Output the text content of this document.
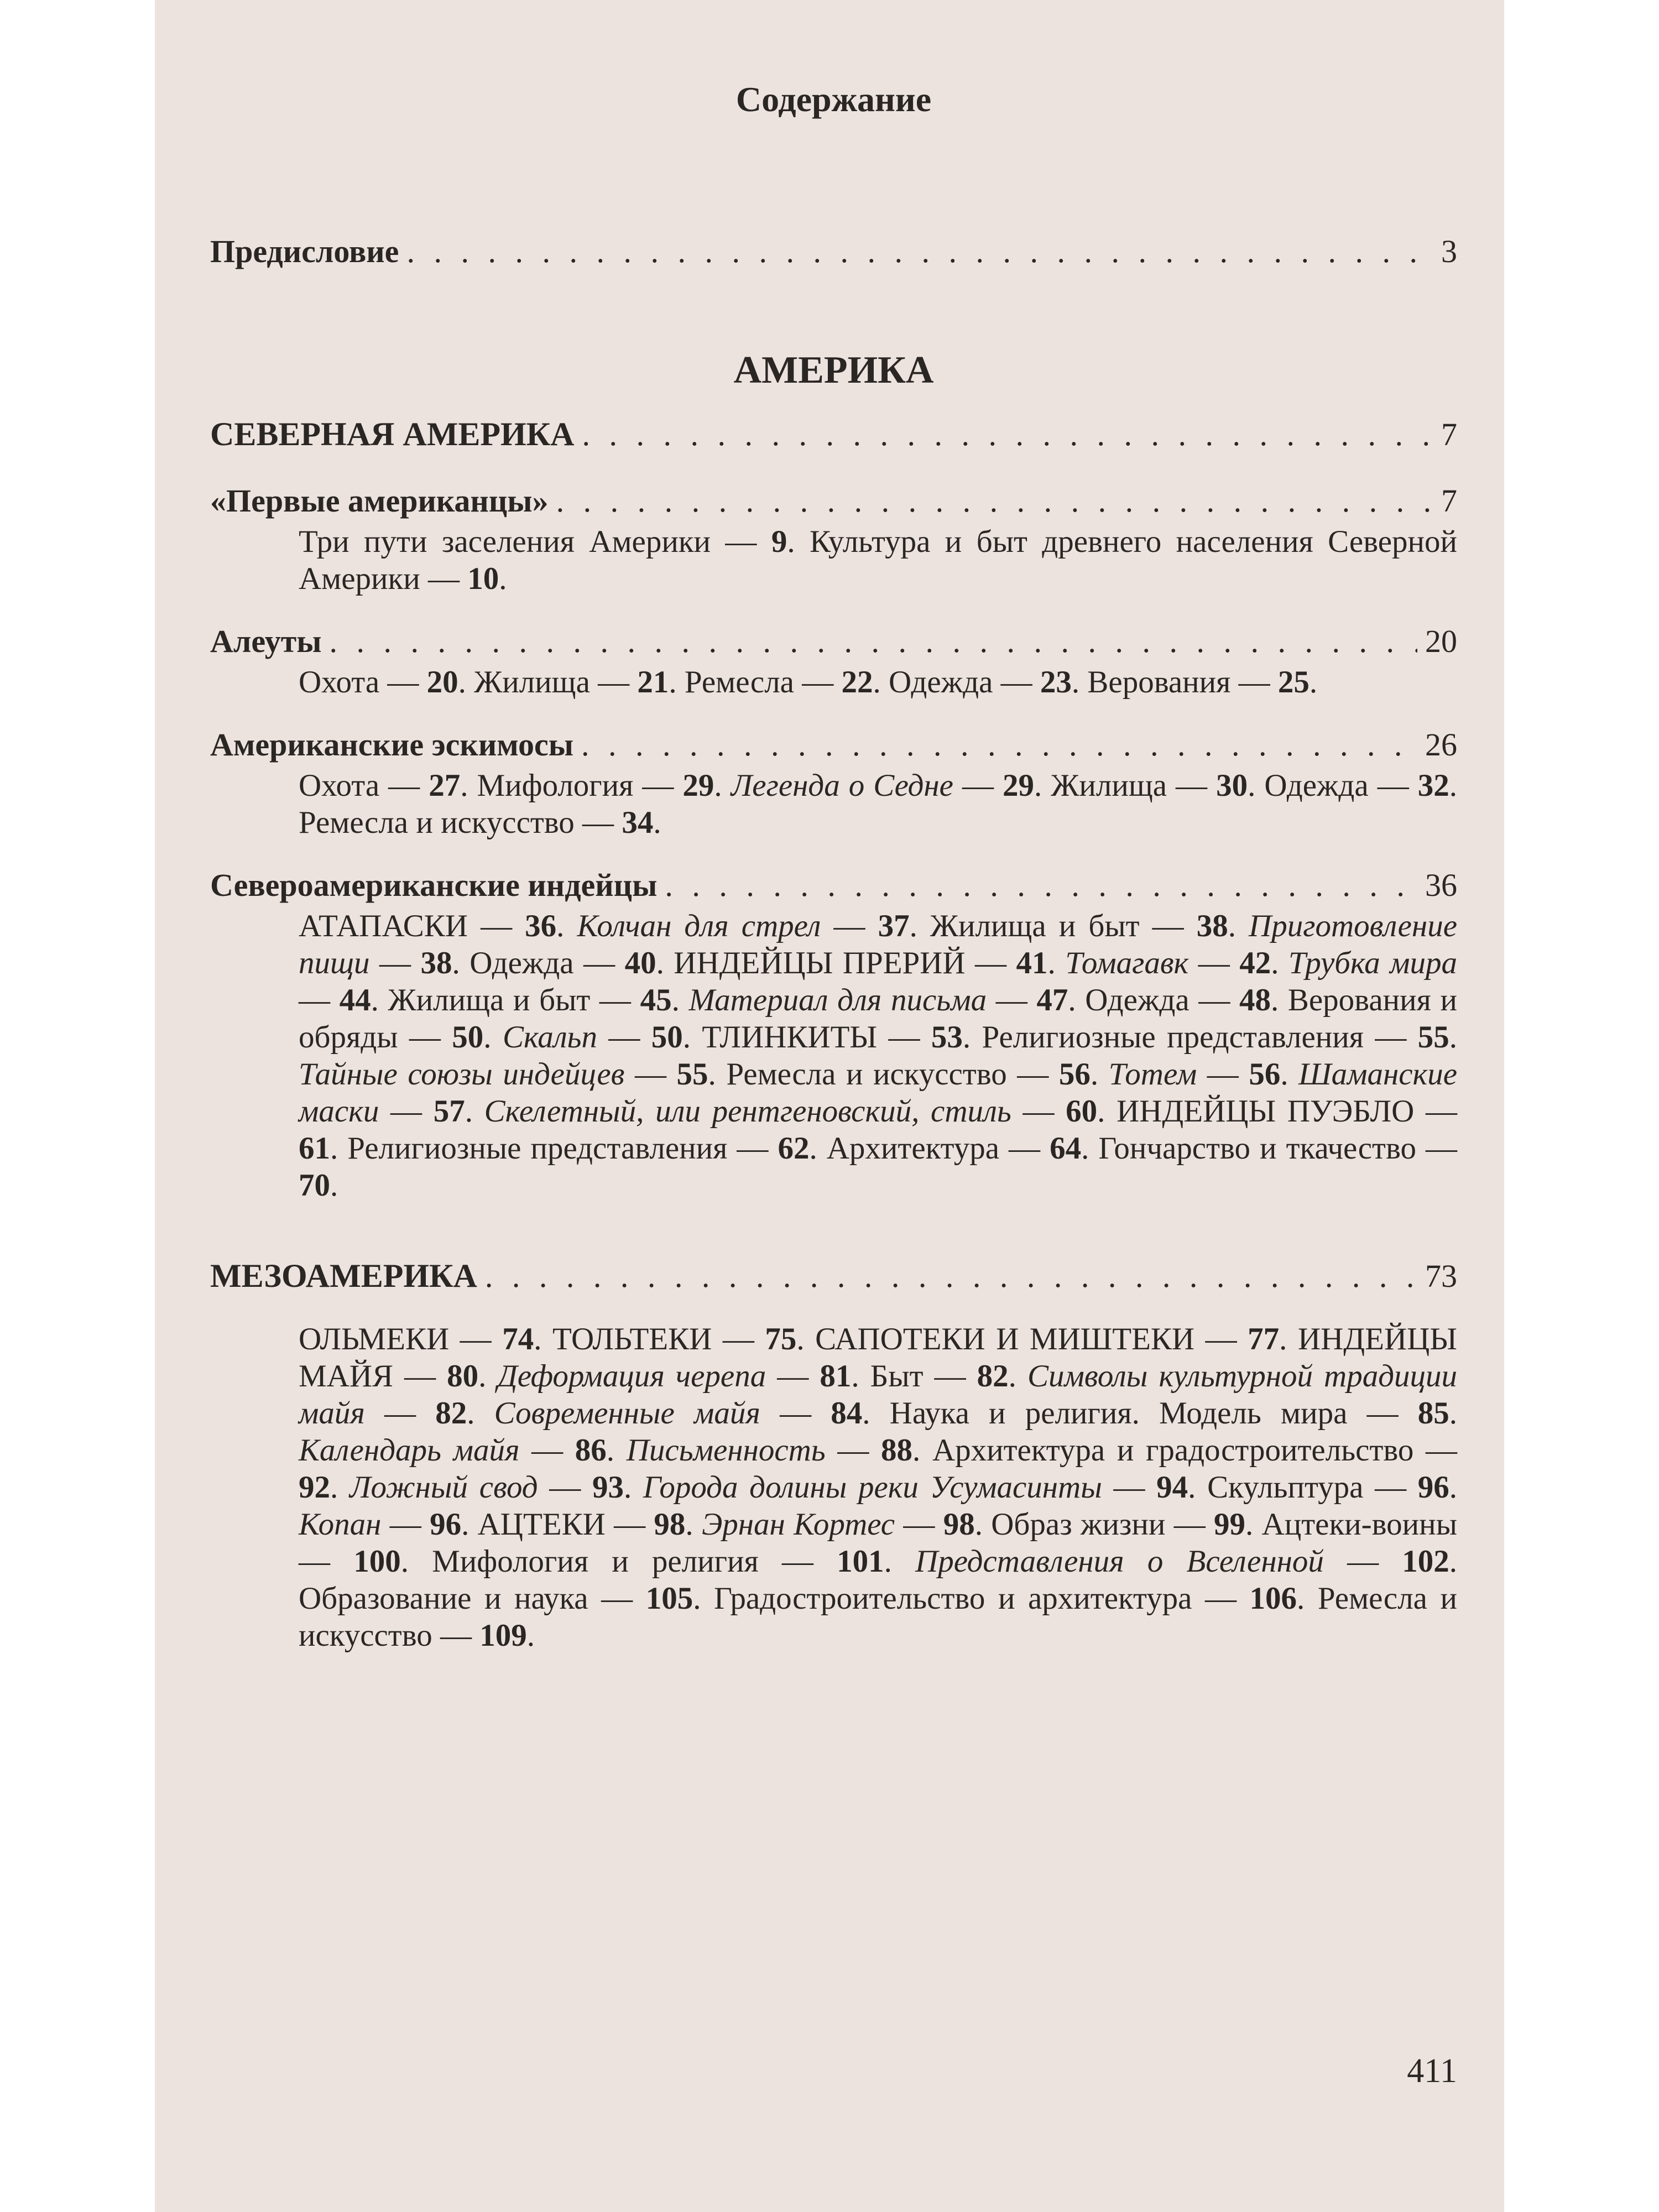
Содержание
Предисловие . . .	3
АМЕРИКА
СЕВЕРНАЯ АМЕРИКА . . .	7
«Первые американцы» . . .	7
Три пути заселения Америки — 9. Культура и быт древнего населения Северной Америки — 10.
Алеуты . . .	20
Охота — 20. Жилища — 21. Ремесла — 22. Одежда — 23. Верования — 25.
Американские эскимосы . . .	26
Охота — 27. Мифология — 29. Легенда о Седне — 29. Жилища — 30. Одежда — 32. Ремесла и искусство — 34.
Североамериканские индейцы . . .	36
АТАПАСКИ — 36. Колчан для стрел — 37. Жилища и быт — 38. Приготовление пищи — 38. Одежда — 40. ИНДЕЙЦЫ ПРЕРИЙ — 41. Томагавк — 42. Трубка мира — 44. Жилища и быт — 45. Материал для письма — 47. Одежда — 48. Верования и обряды — 50. Скальп — 50. ТЛИНКИТЫ — 53. Религиозные представления — 55. Тайные союзы индейцев — 55. Ремесла и искусство — 56. Тотем — 56. Шаманские маски — 57. Скелетный, или рентгеновский, стиль — 60. ИНДЕЙЦЫ ПУЭБЛО — 61. Религиозные представления — 62. Архитектура — 64. Гончарство и ткачество — 70.
МЕЗОАМЕРИКА . . .	73
ОЛЬМЕКИ — 74. ТОЛЬТЕКИ — 75. САПОТЕКИ И МИШТЕКИ — 77. ИНДЕЙЦЫ МАЙЯ — 80. Деформация черепа — 81. Быт — 82. Символы культурной традиции майя — 82. Современные майя — 84. Наука и религия. Модель мира — 85. Календарь майя — 86. Письменность — 88. Архитектура и градостроительство — 92. Ложный свод — 93. Города долины реки Усумасинты — 94. Скульптура — 96. Копан — 96. АЦТЕКИ — 98. Эрнан Кортес — 98. Образ жизни — 99. Ацтеки-воины — 100. Мифология и религия — 101. Представления о Вселенной — 102. Образование и наука — 105. Градостроительство и архитектура — 106. Ремесла и искусство — 109.
411
